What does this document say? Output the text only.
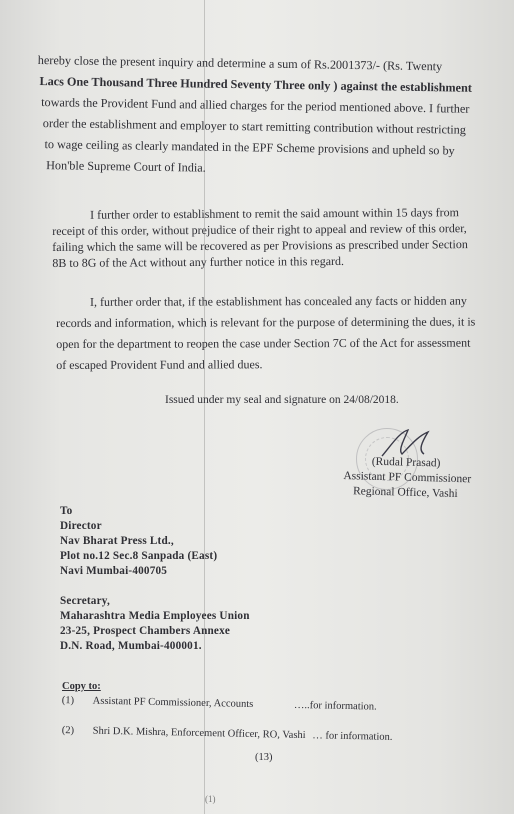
hereby close the present inquiry and determine a sum of Rs.2001373/- (Rs. Twenty
Lacs One Thousand Three Hundred Seventy Three only ) against the establishment
towards the Provident Fund and allied charges for the period mentioned above. I further
order the establishment and employer to start remitting contribution without restricting
to wage ceiling as clearly mandated in the EPF Scheme provisions and upheld so by
Hon'ble Supreme Court of India.
I further order to establishment to remit the said amount within 15 days from
receipt of this order, without prejudice of their right to appeal and review of this order,
failing which the same will be recovered as per Provisions as prescribed under Section
8B to 8G of the Act without any further notice in this regard.
I, further order that, if the establishment has concealed any facts or hidden any
records and information, which is relevant for the purpose of determining the dues, it is
open for the department to reopen the case under Section 7C of the Act for assessment
of escaped Provident Fund and allied dues.
Issued under my seal and signature on 24/08/2018.
(Rudal Prasad)
Assistant PF Commissioner
Regional Office, Vashi
To
Director
Nav Bharat Press Ltd.,
Plot no.12 Sec.8 Sanpada (East)
Navi Mumbai-400705
Secretary,
Maharashtra Media Employees Union
23-25, Prospect Chambers Annexe
D.N. Road, Mumbai-400001.
Copy to:
(1) Assistant PF Commissioner, Accounts	…..for information.
(2) Shri D.K. Mishra, Enforcement Officer, RO, Vashi … for information.
(13)
(1)
